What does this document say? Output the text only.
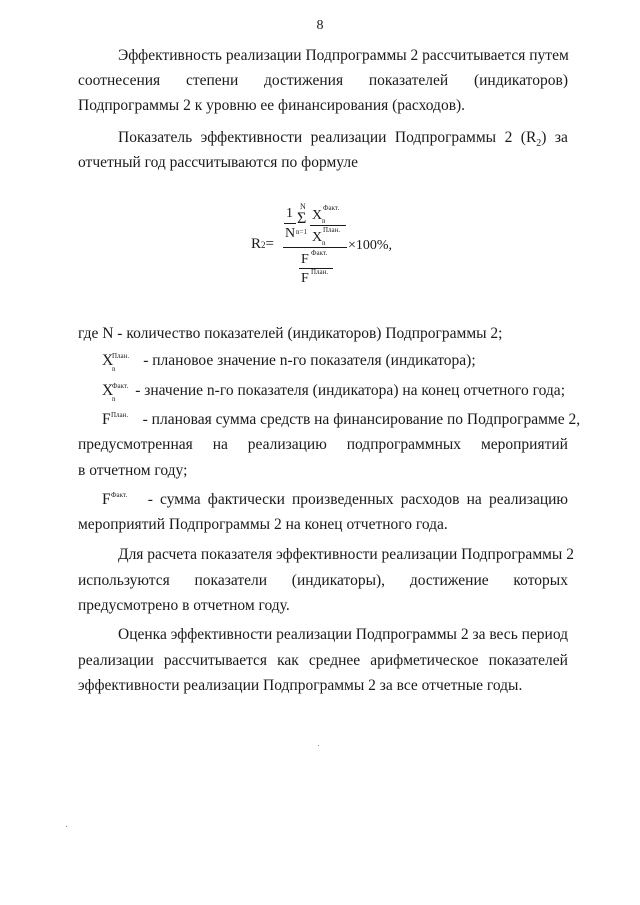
8
Эффективность реализации Подпрограммы 2 рассчитывается путем
соотнесения степени достижения показателей (индикаторов)
Подпрограммы 2 к уровню ее финансирования (расходов).
Показатель эффективности реализации Подпрограммы 2 $(R_2)$ за
отчетный год рассчитываются по формуле
R2=
1
N
N
Σ
n=1
X Факт.
n
X План.
n ×100%,
F Факт.
F План.
где N - количество показателей (индикаторов) Подпрограммы 2;
X
План.
n - плановое значение n-го показателя (индикатора);
X
Факт.
n - значение n-го показателя (индикатора) на конец отчетного года;
F План. - плановая сумма средств на финансирование по Подпрограмме 2,
предусмотренная на реализацию подпрограммных мероприятий
в отчетном году;
F Факт. - сумма фактически произведенных расходов на реализацию
мероприятий Подпрограммы 2 на конец отчетного года.
Для расчета показателя эффективности реализации Подпрограммы 2
используются показатели (индикаторы), достижение которых
предусмотрено в отчетном году.
Оценка эффективности реализации Подпрограммы 2 за весь период
реализации рассчитывается как среднее арифметическое показателей
эффективности реализации Подпрограммы 2 за все отчетные годы.
